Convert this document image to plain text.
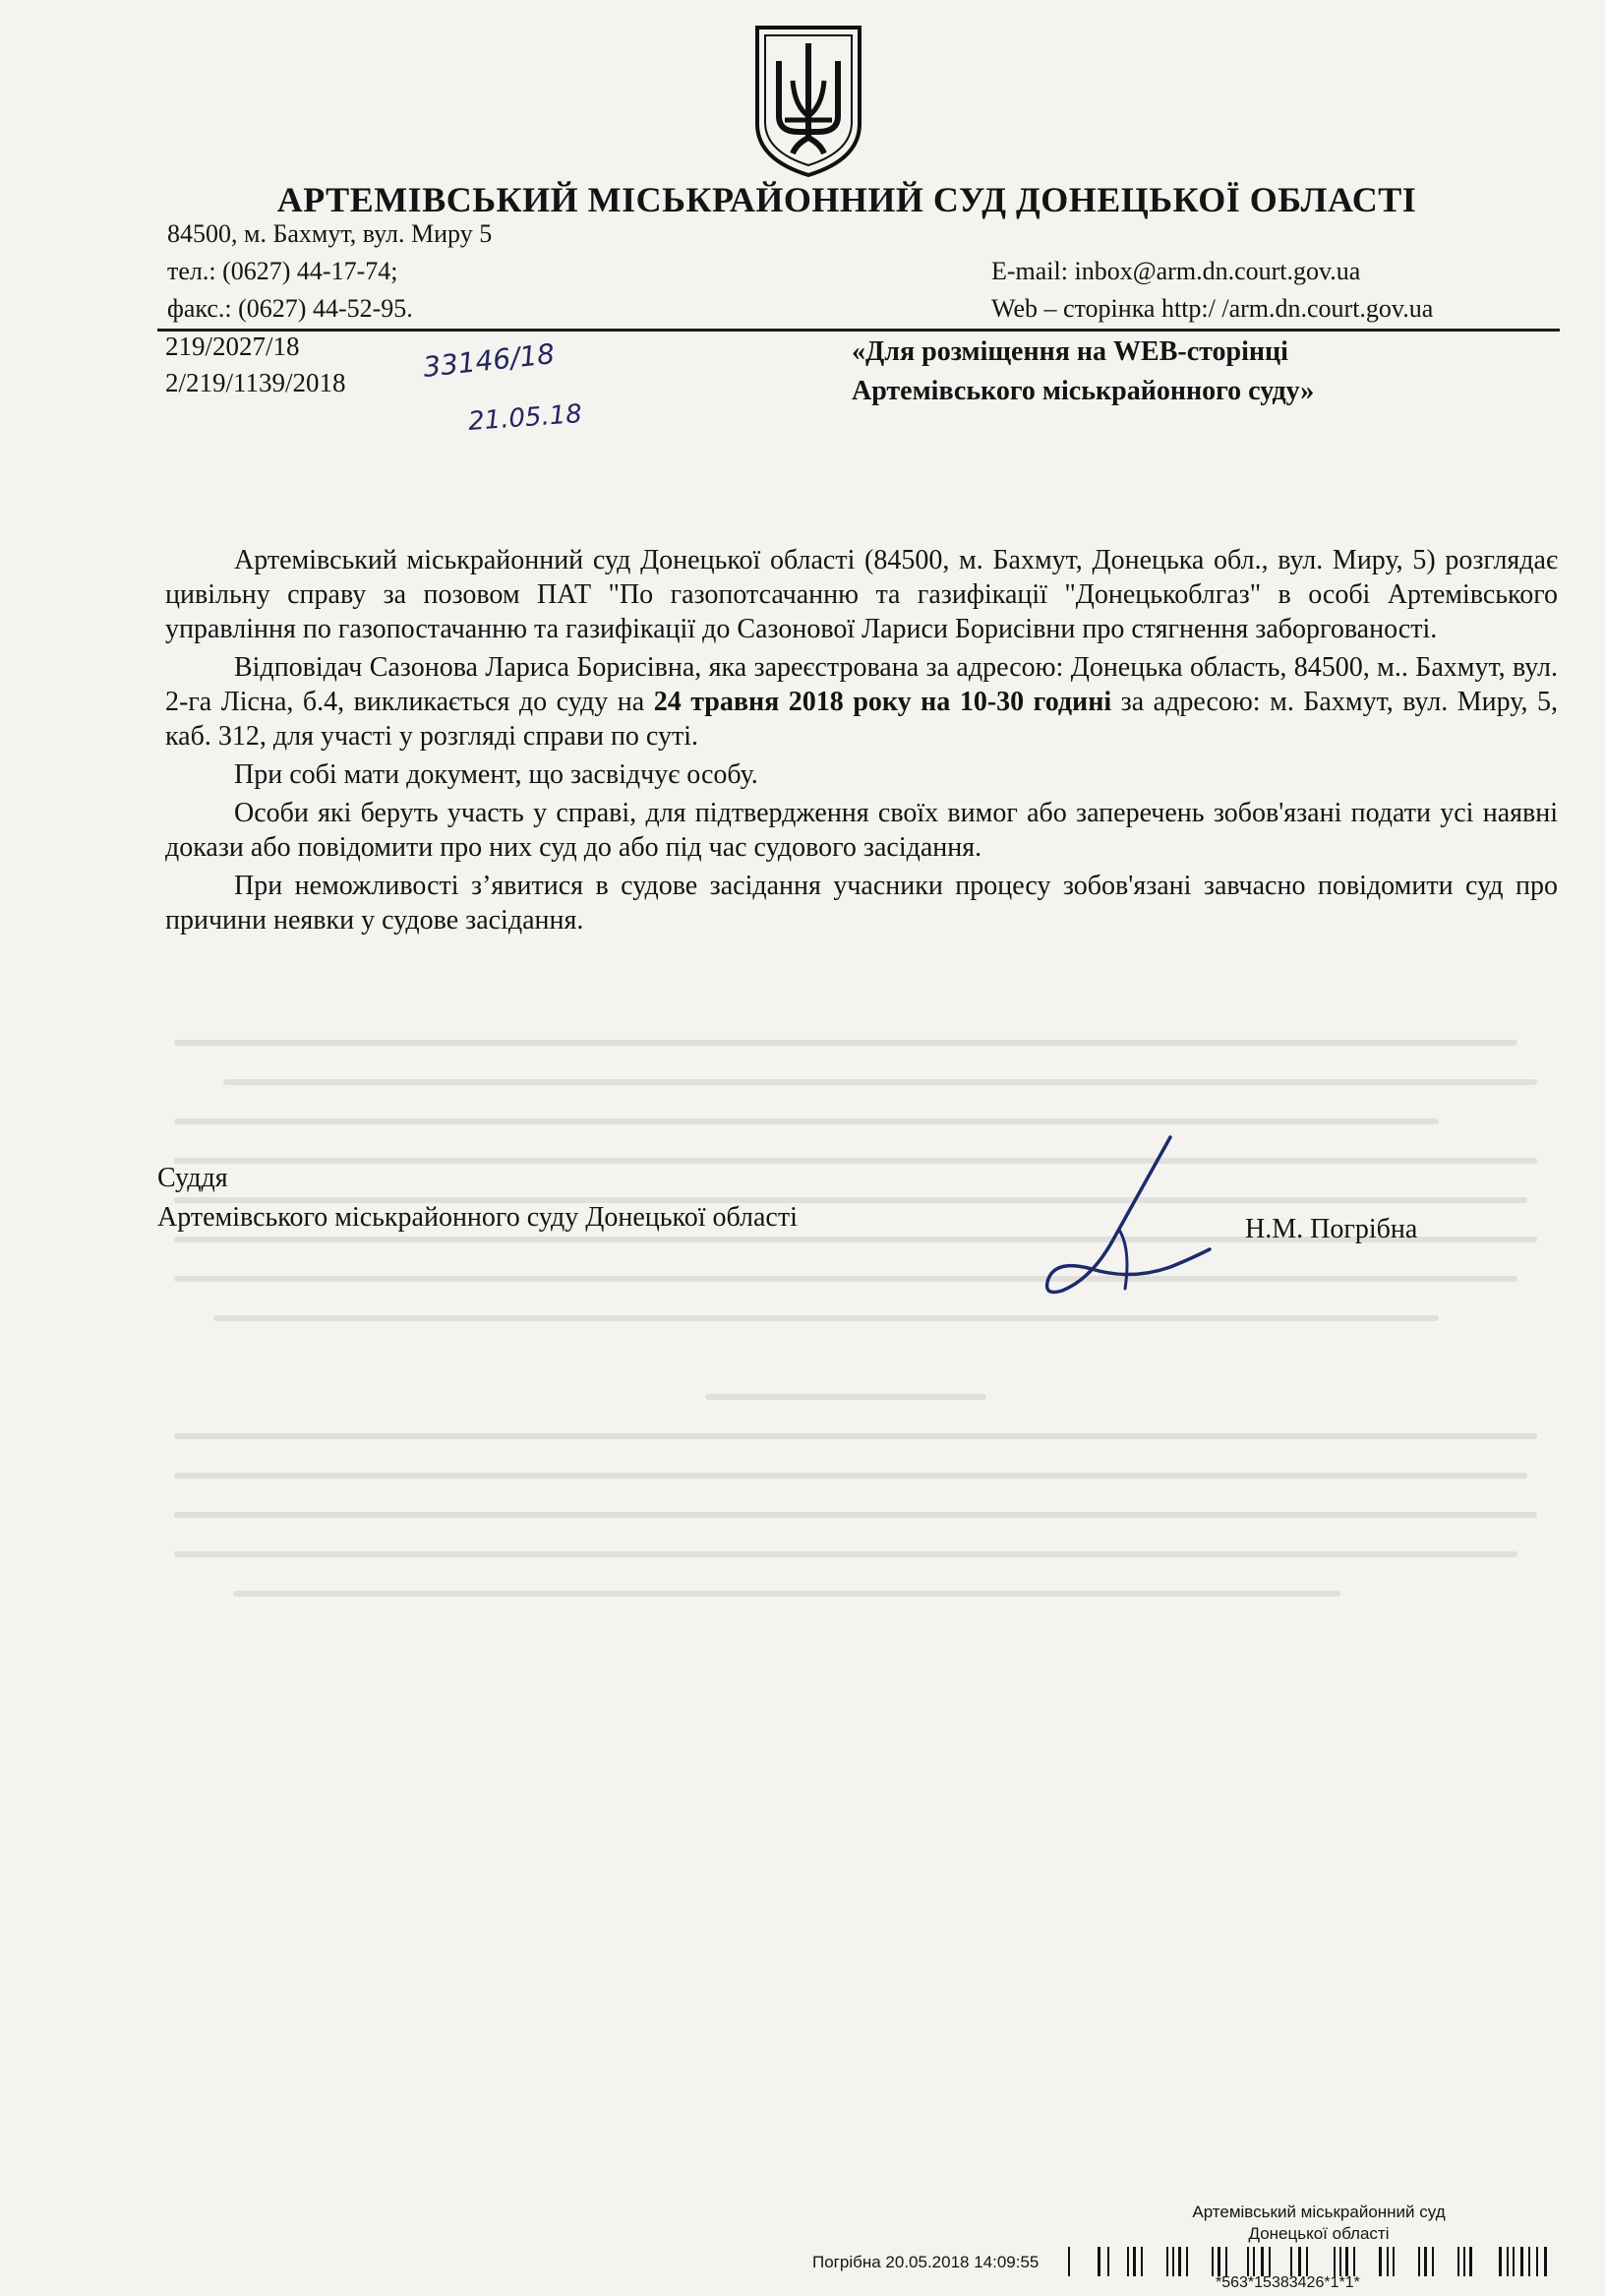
АРТЕМІВСЬКИЙ МІСЬКРАЙОННИЙ СУД ДОНЕЦЬКОЇ ОБЛАСТІ
84500, м. Бахмут, вул. Миру 5
тел.: (0627) 44-17-74;
факс.: (0627) 44-52-95.
E-mail: inbox@arm.dn.court.gov.ua
Web – сторінка http:/ /arm.dn.court.gov.ua
219/2027/18
2/219/1139/2018	33146/18
21.05.18
«Для розміщення на WEB-сторінці
Артемівського міськрайонного суду»

Артемівський міськрайонний суд Донецької області (84500, м. Бахмут, Донецька обл., вул. Миру, 5) розглядає цивільну справу за позовом ПАТ "По газопотсачанню та газифікації "Донецькоблгаз" в особі Артемівського управління по газопостачанню та газифікації до Сазонової Лариси Борисівни про стягнення заборгованості.

Відповідач Сазонова Лариса Борисівна, яка зареєстрована за адресою: Донецька область, 84500, м.. Бахмут, вул. 2-га Лісна, б.4, викликається до суду на 24 травня 2018 року на 10-30 годині за адресою: м. Бахмут, вул. Миру, 5, каб. 312, для участі у розгляді справи по суті.

При собі мати документ, що засвідчує особу.

Особи які беруть участь у справі, для підтвердження своїх вимог або заперечень зобов'язані подати усі наявні докази або повідомити про них суд до або під час судового засідання.

При неможливості з’явитися в судове засідання учасники процесу зобов'язані завчасно повідомити суд про причини неявки у судове засідання.

Суддя
Артемівського міськрайонного суду Донецької області	Н.М. Погрібна
Артемівський міськрайонний суд
Донецької області
Погрібна 20.05.2018 14:09:55
*563*15383426*1*1*
